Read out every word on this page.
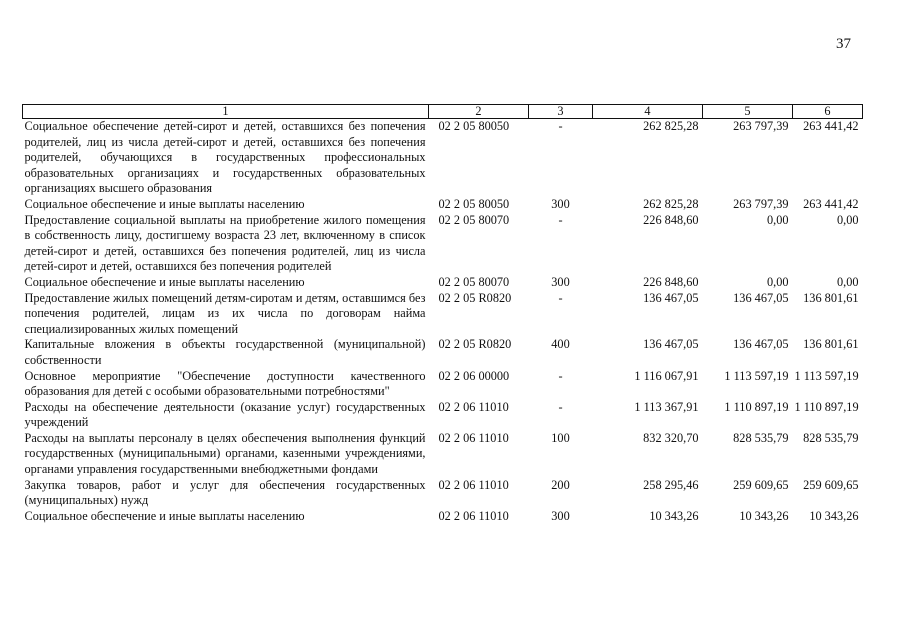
37
1	2	3	4	5	6
Социальное обеспечение детей-сирот и детей, оставшихся без попечения родителей, лиц из числа детей-сирот и детей, оставшихся без попечения родителей, обучающихся в государственных профессиональных образовательных организациях и государственных образовательных организациях высшего образования	02 2 05 80050	-	262 825,28	263 797,39	263 441,42
Социальное обеспечение и иные выплаты населению	02 2 05 80050	300	262 825,28	263 797,39	263 441,42
Предоставление социальной выплаты на приобретение жилого помещения в собственность лицу, достигшему возраста 23 лет, включенному в список детей-сирот и детей, оставшихся без попечения родителей, лиц из числа детей-сирот и детей, оставшихся без попечения родителей	02 2 05 80070	-	226 848,60	0,00	0,00
Социальное обеспечение и иные выплаты населению	02 2 05 80070	300	226 848,60	0,00	0,00
Предоставление жилых помещений детям-сиротам и детям, оставшимся без попечения родителей, лицам из их числа по договорам найма специализированных жилых помещений	02 2 05 R0820	-	136 467,05	136 467,05	136 801,61
Капитальные вложения в объекты государственной (муниципальной) собственности	02 2 05 R0820	400	136 467,05	136 467,05	136 801,61
Основное мероприятие "Обеспечение доступности качественного образования для детей с особыми образовательными потребностями"	02 2 06 00000	-	1 116 067,91	1 113 597,19	1 113 597,19
Расходы на обеспечение деятельности (оказание услуг) государственных учреждений	02 2 06 11010	-	1 113 367,91	1 110 897,19	1 110 897,19
Расходы на выплаты персоналу в целях обеспечения выполнения функций государственных (муниципальными) органами, казенными учреждениями, органами управления государственными внебюджетными фондами	02 2 06 11010	100	832 320,70	828 535,79	828 535,79
Закупка товаров, работ и услуг для обеспечения государственных (муниципальных) нужд	02 2 06 11010	200	258 295,46	259 609,65	259 609,65
Социальное обеспечение и иные выплаты населению	02 2 06 11010	300	10 343,26	10 343,26	10 343,26
